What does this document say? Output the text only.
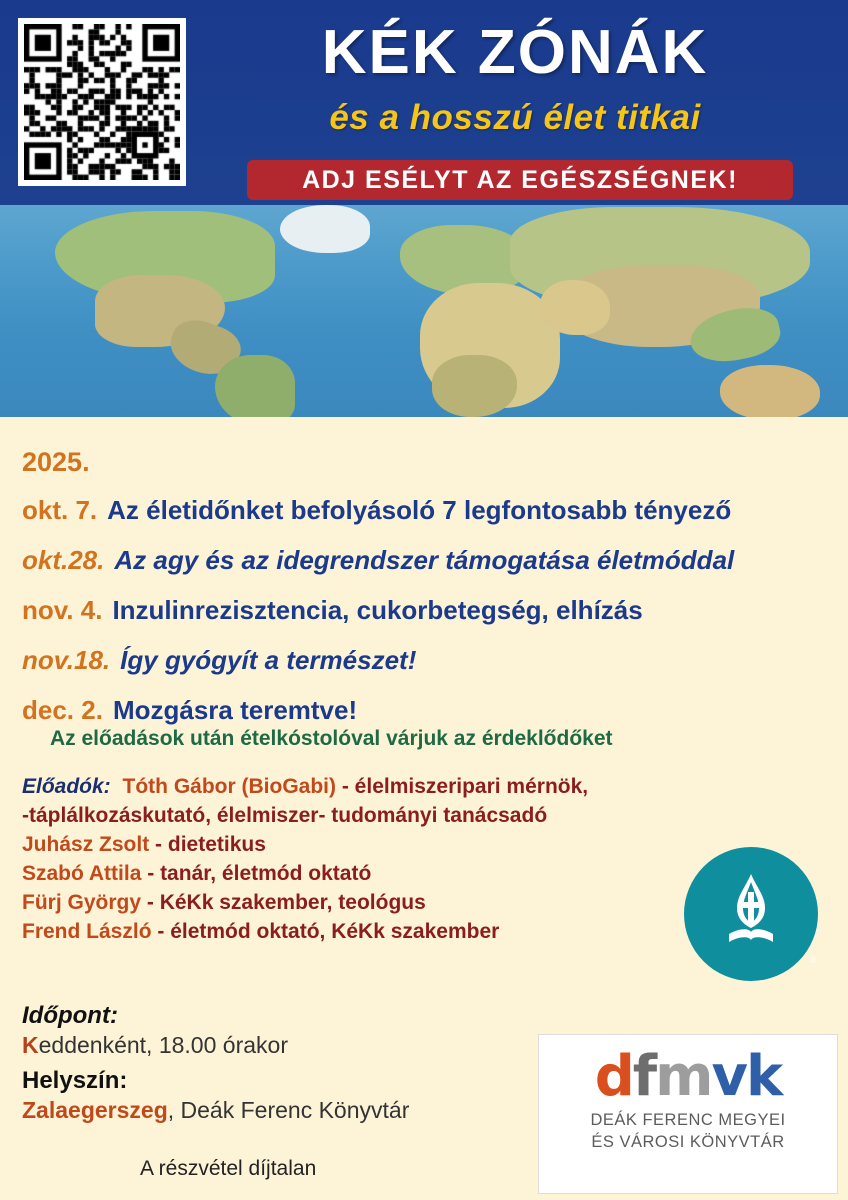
KÉK ZÓNÁK
és a hosszú élet titkai
ADJ ESÉLYT AZ EGÉSZSÉGNEK!

2025.
okt. 7. Az életidőnket befolyásoló 7 legfontosabb tényező
okt.28. Az agy és az idegrendszer támogatása életmóddal
nov. 4. Inzulinrezisztencia, cukorbetegség, elhízás
nov.18. Így gyógyít a természet!
dec. 2. Mozgásra teremtve!
Az előadások után ételkóstolóval várjuk az érdeklődőket
Előadók: Tóth Gábor (BioGabi) - élelmiszeripari mérnök,
-táplálkozáskutató, élelmiszer- tudományi tanácsadó
Juhász Zsolt - dietetikus
Szabó Attila - tanár, életmód oktató
Fürj György - KéKk szakember, teológus
Frend László - életmód oktató, KéKk szakember
®
Időpont:
Keddenként, 18.00 órakor
Helyszín:
Zalaegerszeg, Deák Ferenc Könyvtár
A részvétel díjtalan
dfmvk
DEÁK FERENC MEGYEI
ÉS VÁROSI KÖNYVTÁR
